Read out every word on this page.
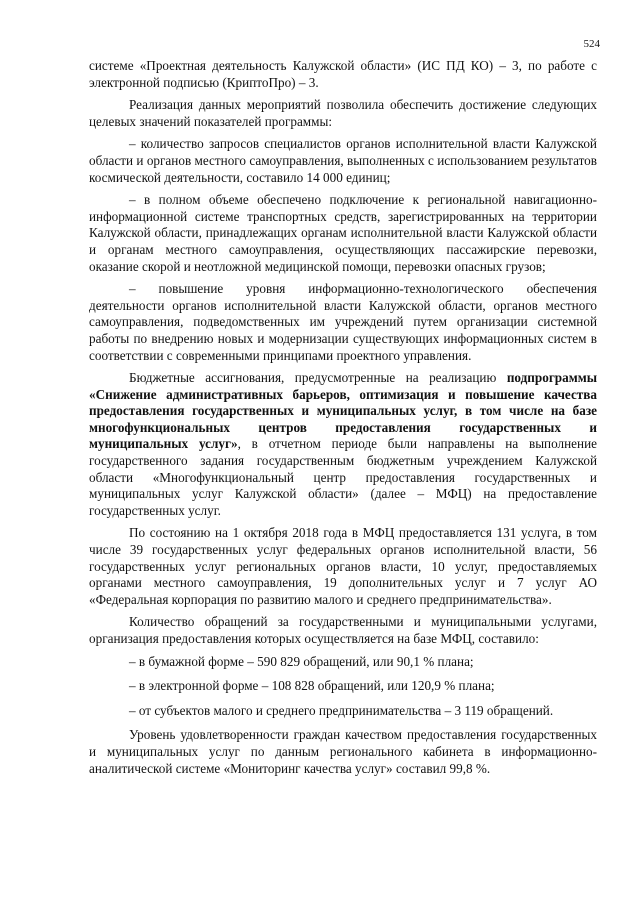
524

системе «Проектная деятельность Калужской области» (ИС ПД КО) – 3, по работе с электронной подписью (КриптоПро) – 3.

Реализация данных мероприятий позволила обеспечить достижение следующих целевых значений показателей программы:

– количество запросов специалистов органов исполнительной власти Калужской области и органов местного самоуправления, выполненных с использованием результатов космической деятельности, составило 14 000 единиц;

– в полном объеме обеспечено подключение к региональной навигационно-информационной системе транспортных средств, зарегистрированных на территории Калужской области, принадлежащих органам исполнительной власти Калужской области и органам местного самоуправления, осуществляющих пассажирские перевозки, оказание скорой и неотложной медицинской помощи, перевозки опасных грузов;

– повышение уровня информационно-технологического обеспечения деятельности органов исполнительной власти Калужской области, органов местного самоуправления, подведомственных им учреждений путем организации системной работы по внедрению новых и модернизации существующих информационных систем в соответствии с современными принципами проектного управления.

Бюджетные ассигнования, предусмотренные на реализацию подпрограммы «Снижение административных барьеров, оптимизация и повышение качества предоставления государственных и муниципальных услуг, в том числе на базе многофункциональных центров предоставления государственных и муниципальных услуг», в отчетном периоде были направлены на выполнение государственного задания государственным бюджетным учреждением Калужской области «Многофункциональный центр предоставления государственных и муниципальных услуг Калужской области» (далее – МФЦ) на предоставление государственных услуг.

По состоянию на 1 октября 2018 года в МФЦ предоставляется 131 услуга, в том числе 39 государственных услуг федеральных органов исполнительной власти, 56 государственных услуг региональных органов власти, 10 услуг, предоставляемых органами местного самоуправления, 19 дополнительных услуг и 7 услуг АО «Федеральная корпорация по развитию малого и среднего предпринимательства».

Количество обращений за государственными и муниципальными услугами, организация предоставления которых осуществляется на базе МФЦ, составило:

– в бумажной форме – 590 829 обращений, или 90,1 % плана;

– в электронной форме – 108 828 обращений, или 120,9 % плана;

– от субъектов малого и среднего предпринимательства – 3 119 обращений.

Уровень удовлетворенности граждан качеством предоставления государственных и муниципальных услуг по данным регионального кабинета в информационно-аналитической системе «Мониторинг качества услуг» составил 99,8 %.
